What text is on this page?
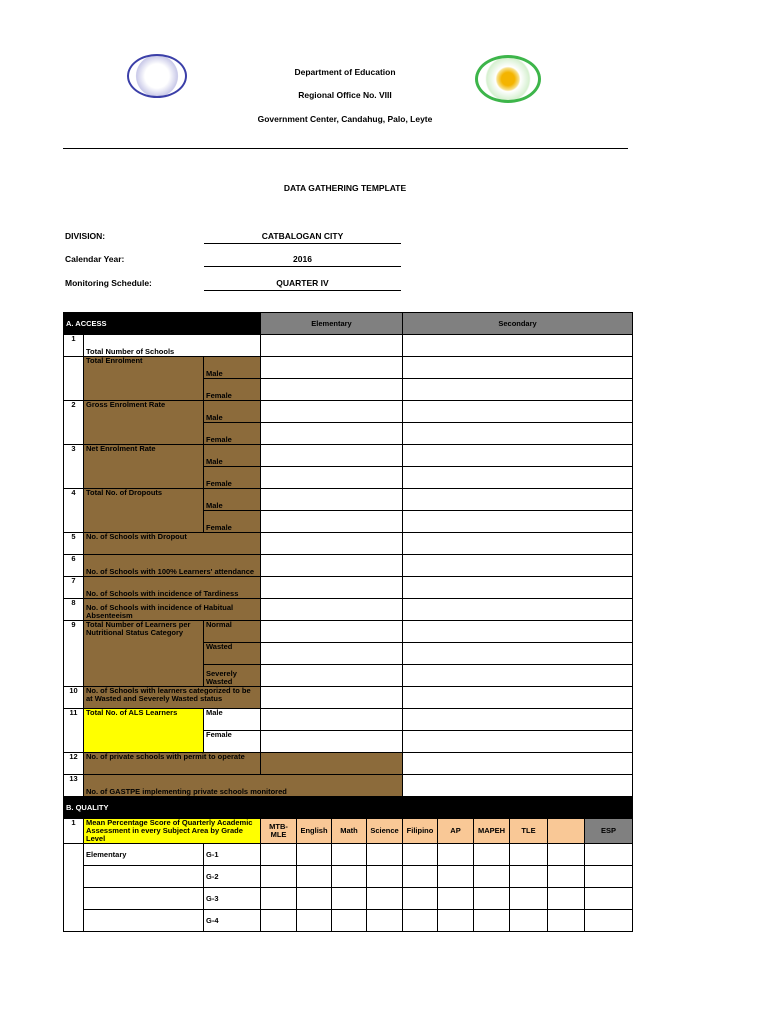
Department of Education
Regional Office No. VIII
Government Center, Candahug, Palo, Leyte
DATA GATHERING TEMPLATE
DIVISION:	CATBALOGAN CITY
Calendar Year:	2016
Monitoring Schedule:	QUARTER IV
A. ACCESS			Elementary				Secondary					
1	Total Number of Schools											
	Total Enrolment	Male										
		Female										
2	Gross Enrolment Rate	Male										
		Female										
3	Net Enrolment Rate	Male										
		Female										
4	Total No. of Dropouts	Male										
		Female										
5	No. of Schools with Dropout											
6	No. of Schools with 100% Learners' attendance											
7	No. of Schools with incidence of Tardiness											
8	No. of Schools with incidence of Habitual Absenteeism											
9	Total Number of Learners per Nutritional Status Category	Normal										
		Wasted										
		Severely Wasted										
10	No. of Schools with learners categorized to be at Wasted and Severely Wasted status											
11	Total No. of ALS Learners	Male										
		Female										
12	No. of private schools with permit to operate											
13	No. of GASTPE implementing private schools monitored											
B. QUALITY												
1	Mean Percentage Score of Quarterly Academic Assessment in every Subject Area by Grade Level		MTB-MLE	English	Math	Science	Filipino	AP	MAPEH	TLE		ESP
	Elementary	G-1										
		G-2										
		G-3										
		G-4										
